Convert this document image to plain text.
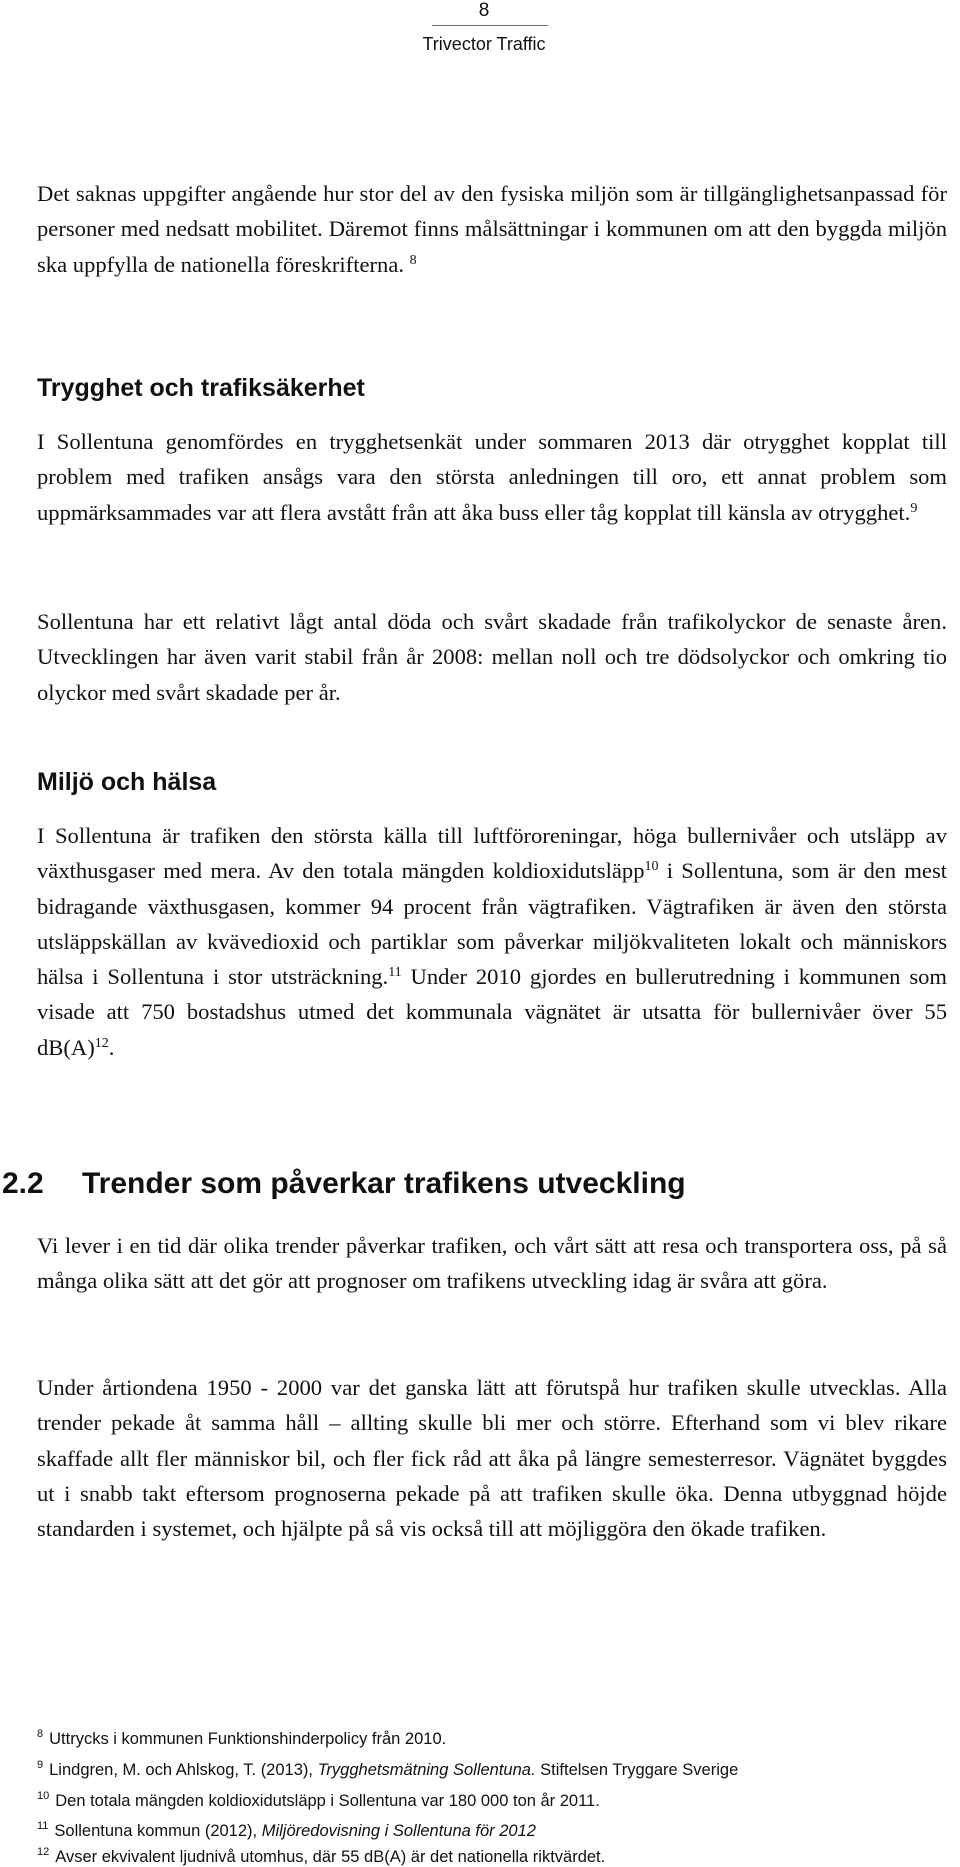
8
Trivector Traffic

Det saknas uppgifter angående hur stor del av den fysiska miljön som är tillgänglighetsanpassad för personer med nedsatt mobilitet. Däremot finns målsättningar i kommunen om att den byggda miljön ska uppfylla de nationella föreskrifterna. $^8$

Trygghet och trafiksäkerhet

I Sollentuna genomfördes en trygghetsenkät under sommaren 2013 där otrygghet kopplat till problem med trafiken ansågs vara den största anledningen till oro, ett annat problem som uppmärksammades var att flera avstått från att åka buss eller tåg kopplat till känsla av otrygghet.$^9$

Sollentuna har ett relativt lågt antal döda och svårt skadade från trafikolyckor de senaste åren. Utvecklingen har även varit stabil från år 2008: mellan noll och tre dödsolyckor och omkring tio olyckor med svårt skadade per år.

Miljö och hälsa

I Sollentuna är trafiken den största källa till luftföroreningar, höga bullernivåer och utsläpp av växthusgaser med mera. Av den totala mängden koldioxidutsläpp$^{10}$ i Sollentuna, som är den mest bidragande växthusgasen, kommer 94 procent från vägtrafiken. Vägtrafiken är även den största utsläppskällan av kvävedioxid och partiklar som påverkar miljökvaliteten lokalt och människors hälsa i Sollentuna i stor utsträckning.$^{11}$ Under 2010 gjordes en bullerutredning i kommunen som visade att 750 bostadshus utmed det kommunala vägnätet är utsatta för bullernivåer över 55 $dB(A)^{12}$.

2.2 Trender som påverkar trafikens utveckling

Vi lever i en tid där olika trender påverkar trafiken, och vårt sätt att resa och transportera oss, på så många olika sätt att det gör att prognoser om trafikens utveckling idag är svåra att göra.

Under årtiondena 1950 - 2000 var det ganska lätt att förutspå hur trafiken skulle utvecklas. Alla trender pekade åt samma håll – allting skulle bli mer och större. Efterhand som vi blev rikare skaffade allt fler människor bil, och fler fick råd att åka på längre semesterresor. Vägnätet byggdes ut i snabb takt eftersom prognoserna pekade på att trafiken skulle öka. Denna utbyggnad höjde standarden i systemet, och hjälpte på så vis också till att möjliggöra den ökade trafiken.

$^8$ Uttrycks i kommunen Funktionshinderpolicy från 2010.
$^9$ Lindgren, M. och Ahlskog, T. (2013), Trygghetsmätning Sollentuna. Stiftelsen Tryggare Sverige
$^{10}$ Den totala mängden koldioxidutsläpp i Sollentuna var 180 000 ton år 2011.
$^{11}$ Sollentuna kommun (2012), Miljöredovisning i Sollentuna för 2012
$^{12}$ Avser ekvivalent ljudnivå utomhus, där 55 dB(A) är det nationella riktvärdet.
